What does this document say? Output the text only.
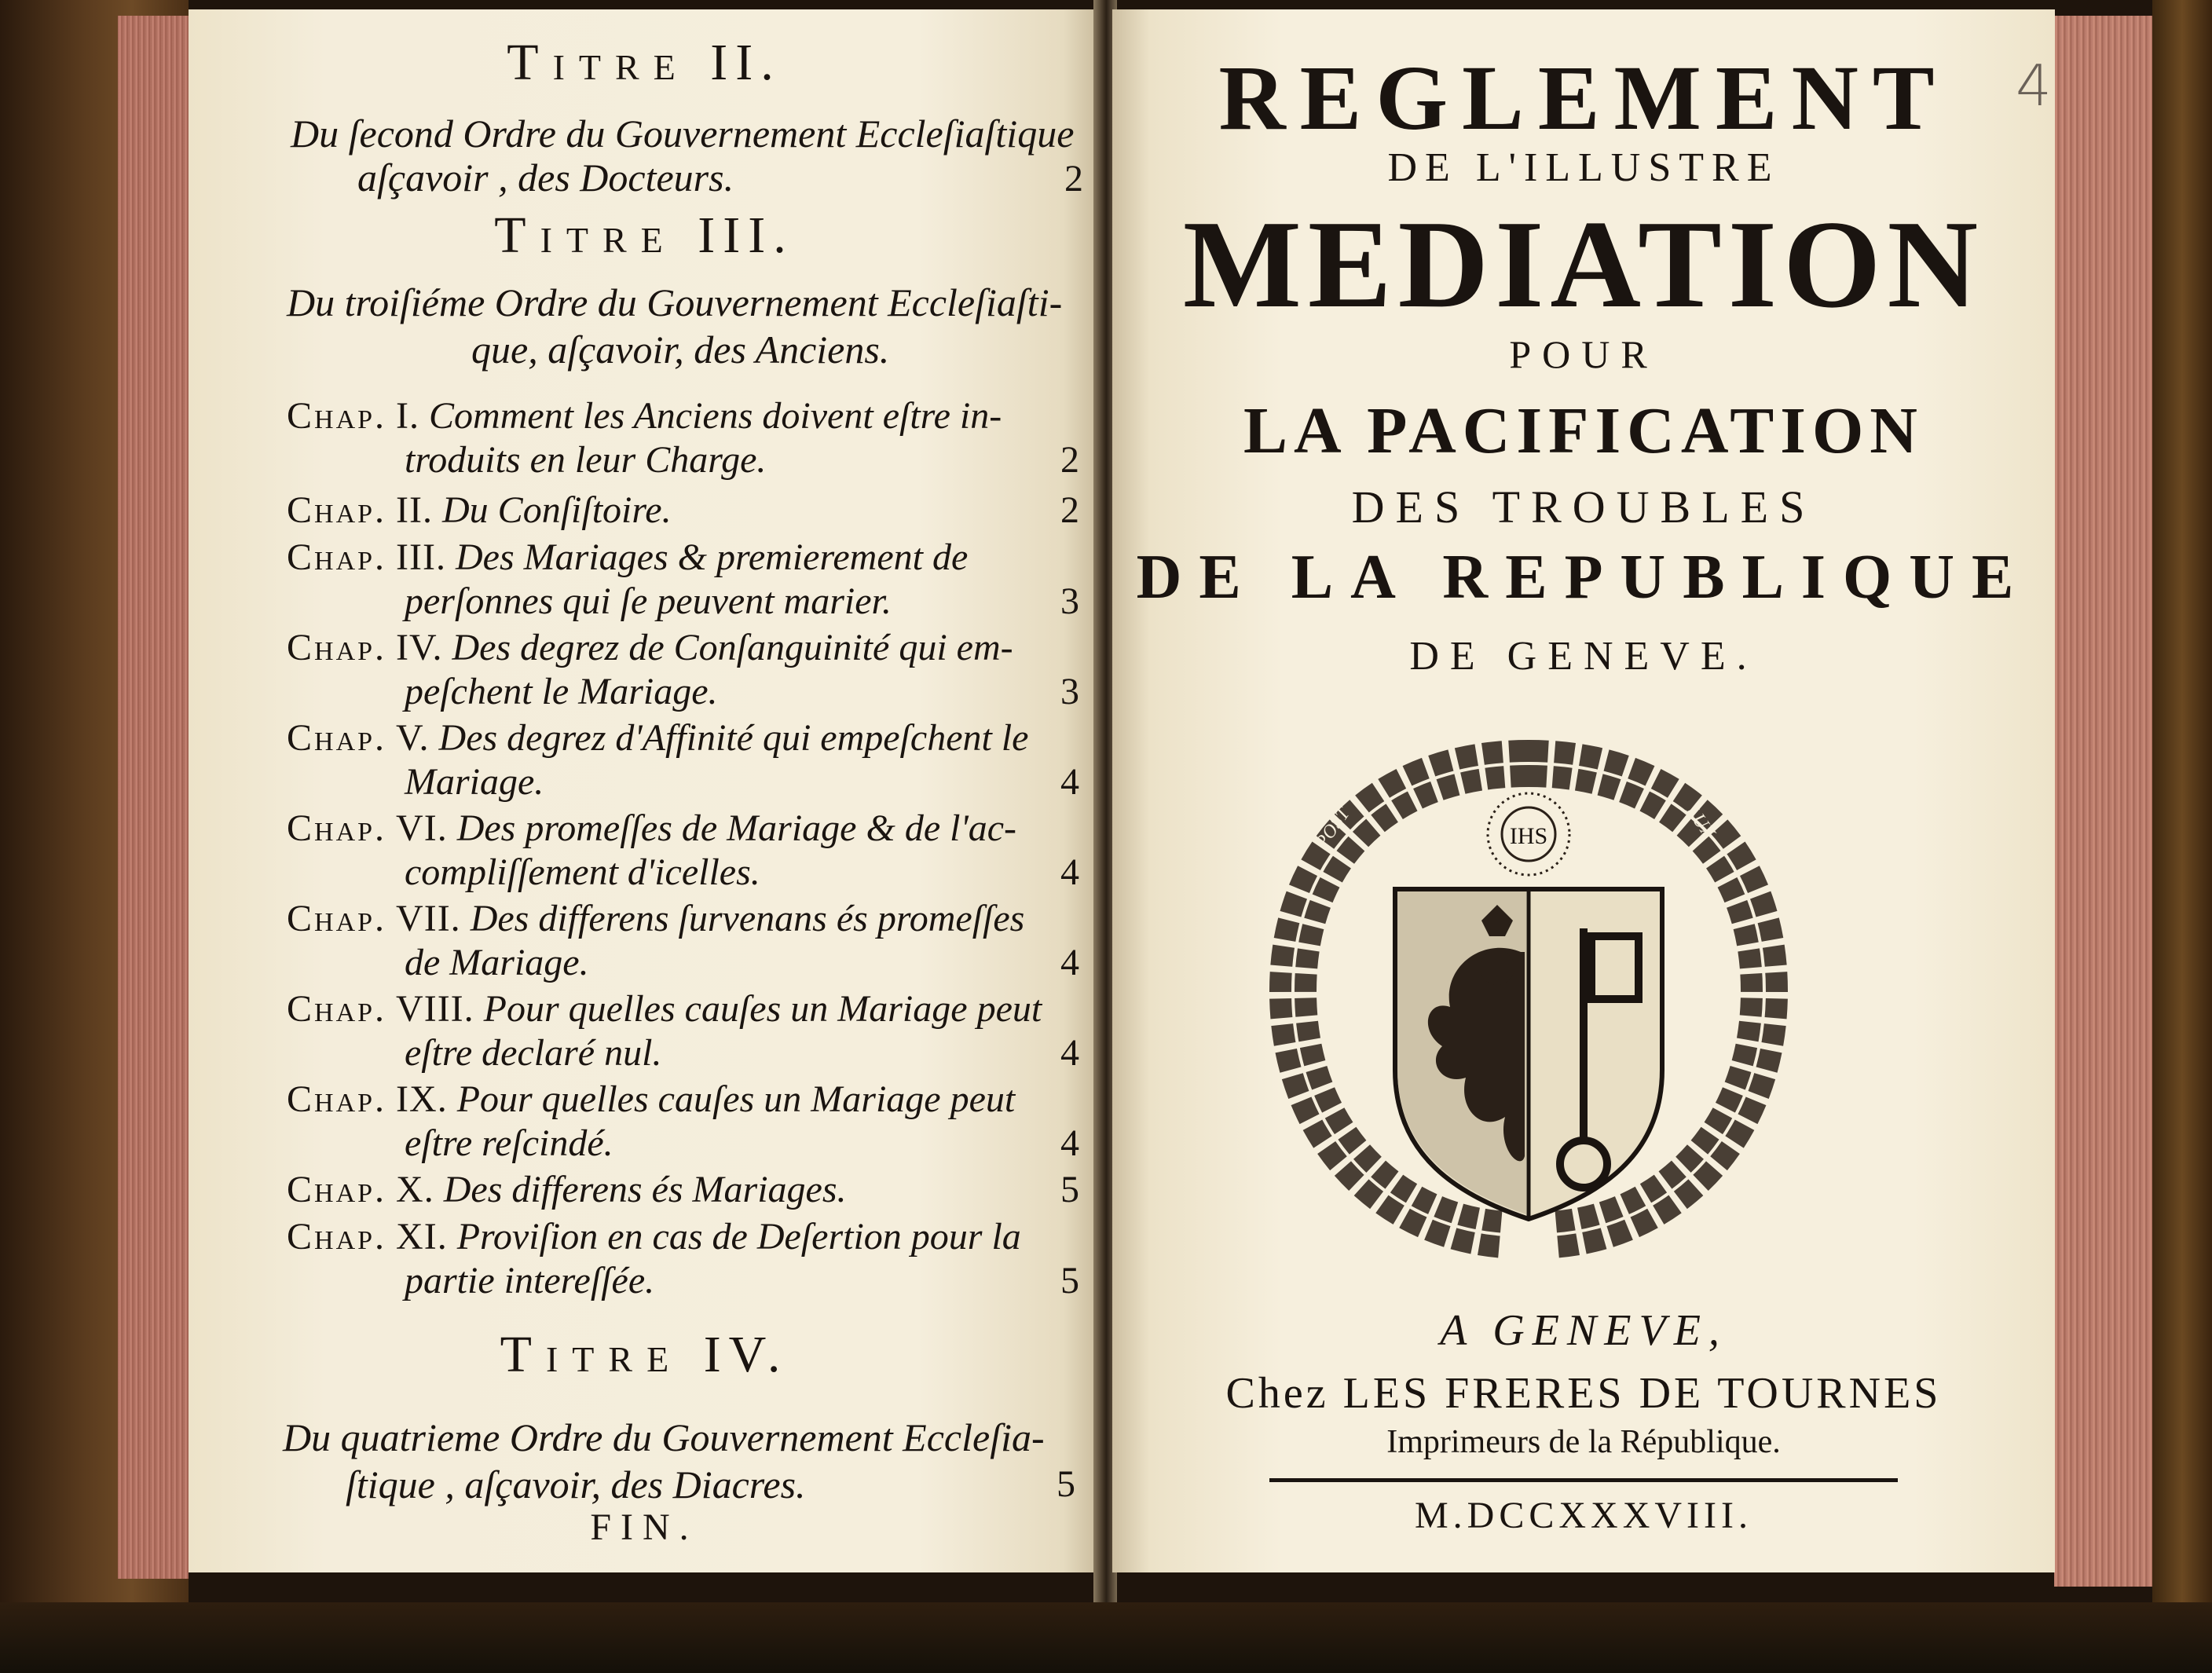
Titre II.
Du ſecond Ordre du Gouvernement Eccleſiaſtique
aſçavoir , des Docteurs.	2
Titre III.
Du troiſiéme Ordre du Gouvernement Eccleſiaſti-
que, aſçavoir, des Anciens.
Chap. I. Comment les Anciens doivent eſtre in-
troduits en leur Charge.	2
Chap. II. Du Conſiſtoire.	2
Chap. III. Des Mariages & premierement de
perſonnes qui ſe peuvent marier.	3
Chap. IV. Des degrez de Conſanguinité qui em-
peſchent le Mariage.	3
Chap. V. Des degrez d'Affinité qui empeſchent le
Mariage.	4
Chap. VI. Des promeſſes de Mariage & de l'ac-
compliſſement d'icelles.	4
Chap. VII. Des differens ſurvenans és promeſſes
de Mariage.	4
Chap. VIII. Pour quelles cauſes un Mariage peut
eſtre declaré nul.	4
Chap. IX. Pour quelles cauſes un Mariage peut
eſtre reſcindé.	4
Chap. X. Des differens és Mariages.	5
Chap. XI. Proviſion en cas de Deſertion pour la
partie intereſſée.	5
Titre IV.
Du quatrieme Ordre du Gouvernement Eccleſia-
ſtique , aſçavoir, des Diacres.	5
FIN.
REGLEMENT
DE L'ILLUSTRE
MEDIATION
POUR
LA PACIFICATION
DES TROUBLES
DE LA REPUBLIQUE
DE GENEVE.
4
POST	LUX
TENEBRAS
IHS
A GENEVE,
Chez LES FRERES DE TOURNES
Imprimeurs de la République.
M.DCCXXXVIII.
